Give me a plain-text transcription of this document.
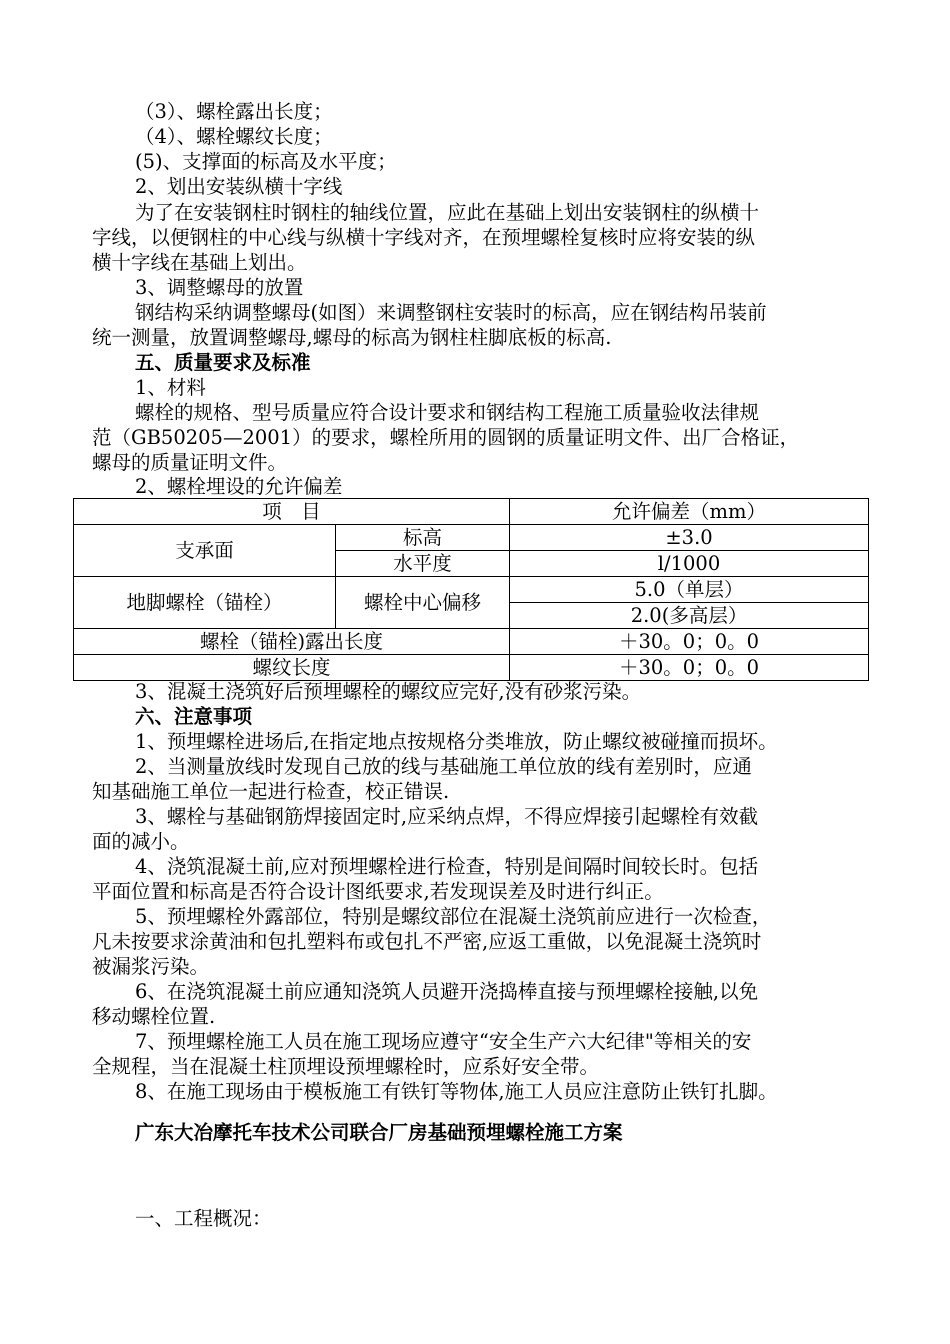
（3）、螺栓露出长度；
（4）、螺栓螺纹长度；
(5)、支撑面的标高及水平度；
2、划出安装纵横十字线
为了在安装钢柱时钢柱的轴线位置，应此在基础上划出安装钢柱的纵横十
字线，以便钢柱的中心线与纵横十字线对齐，在预埋螺栓复核时应将安装的纵
横十字线在基础上划出。
3、调整螺母的放置
钢结构采纳调整螺母(如图）来调整钢柱安装时的标高，应在钢结构吊装前
统一测量，放置调整螺母,螺母的标高为钢柱柱脚底板的标高.
五、质量要求及标准
1、材料
螺栓的规格、型号质量应符合设计要求和钢结构工程施工质量验收法律规
范（GB50205—2001）的要求，螺栓所用的圆钢的质量证明文件、出厂合格证，
螺母的质量证明文件。
2、螺栓埋设的允许偏差
项　目		允许偏差（mm）
支承面	标高	±3.0
	水平度	l/1000
地脚螺栓（锚栓）	螺栓中心偏移	5.0（单层）
		2.0(多高层）
螺栓（锚栓)露出长度		＋30。0；0。0
螺纹长度		＋30。0；0。0
3、混凝土浇筑好后预埋螺栓的螺纹应完好,没有砂浆污染。
六、注意事项
1、预埋螺栓进场后,在指定地点按规格分类堆放，防止螺纹被碰撞而损坏。
2、当测量放线时发现自己放的线与基础施工单位放的线有差别时，应通
知基础施工单位一起进行检查，校正错误.
3、螺栓与基础钢筋焊接固定时,应采纳点焊，不得应焊接引起螺栓有效截
面的减小。
4、浇筑混凝土前,应对预埋螺栓进行检查，特别是间隔时间较长时。包括
平面位置和标高是否符合设计图纸要求,若发现误差及时进行纠正。
5、预埋螺栓外露部位，特别是螺纹部位在混凝土浇筑前应进行一次检查，
凡未按要求涂黄油和包扎塑料布或包扎不严密,应返工重做，以免混凝土浇筑时
被漏浆污染。
6、在浇筑混凝土前应通知浇筑人员避开浇捣棒直接与预埋螺栓接触,以免
移动螺栓位置.
7、预埋螺栓施工人员在施工现场应遵守“安全生产六大纪律"等相关的安
全规程，当在混凝土柱顶埋设预埋螺栓时，应系好安全带。
8、在施工现场由于模板施工有铁钉等物体,施工人员应注意防止铁钉扎脚。
广东大冶摩托车技术公司联合厂房基础预埋螺栓施工方案
一、工程概况：
